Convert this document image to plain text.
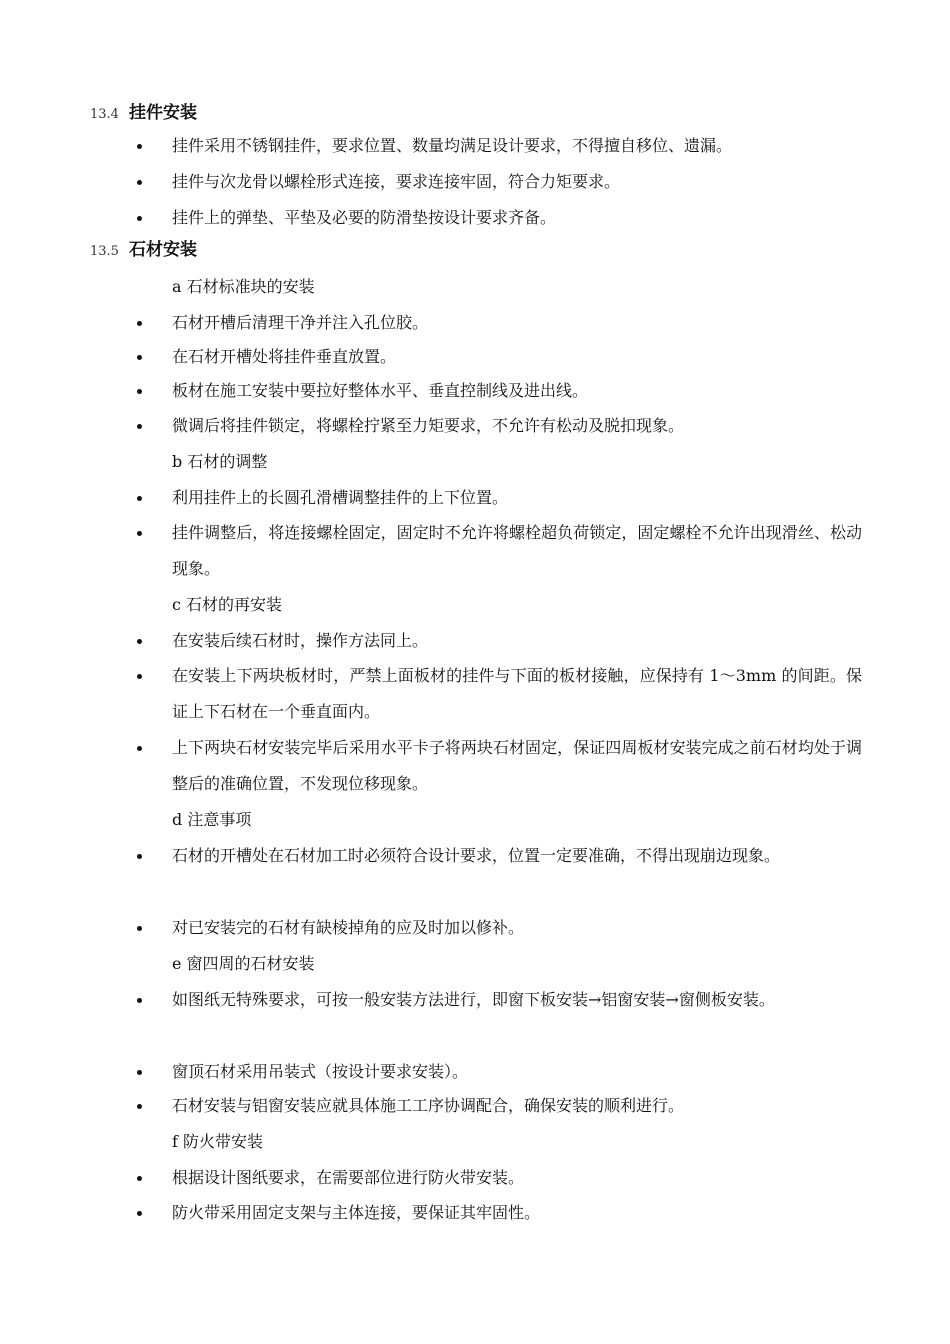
13.4 挂件安装
挂件采用不锈钢挂件，要求位置、数量均满足设计要求，不得擅自移位、遗漏。
挂件与次龙骨以螺栓形式连接，要求连接牢固，符合力矩要求。
挂件上的弹垫、平垫及必要的防滑垫按设计要求齐备。
13.5 石材安装
a 石材标准块的安装
石材开槽后清理干净并注入孔位胶。
在石材开槽处将挂件垂直放置。
板材在施工安装中要拉好整体水平、垂直控制线及进出线。
微调后将挂件锁定，将螺栓拧紧至力矩要求，不允许有松动及脱扣现象。
b 石材的调整
利用挂件上的长圆孔滑槽调整挂件的上下位置。
挂件调整后，将连接螺栓固定，固定时不允许将螺栓超负荷锁定，固定螺栓不允许出现滑丝、松动现象。
c 石材的再安装
在安装后续石材时，操作方法同上。
在安装上下两块板材时，严禁上面板材的挂件与下面的板材接触，应保持有 1～3mm 的间距。保证上下石材在一个垂直面内。
上下两块石材安装完毕后采用水平卡子将两块石材固定，保证四周板材安装完成之前石材均处于调整后的准确位置，不发现位移现象。
d 注意事项
石材的开槽处在石材加工时必须符合设计要求，位置一定要准确，不得出现崩边现象。
对已安装完的石材有缺棱掉角的应及时加以修补。
e 窗四周的石材安装
如图纸无特殊要求，可按一般安装方法进行，即窗下板安装→铝窗安装→窗侧板安装。
窗顶石材采用吊装式（按设计要求安装）。
石材安装与铝窗安装应就具体施工工序协调配合，确保安装的顺利进行。
f 防火带安装
根据设计图纸要求，在需要部位进行防火带安装。
防火带采用固定支架与主体连接，要保证其牢固性。
